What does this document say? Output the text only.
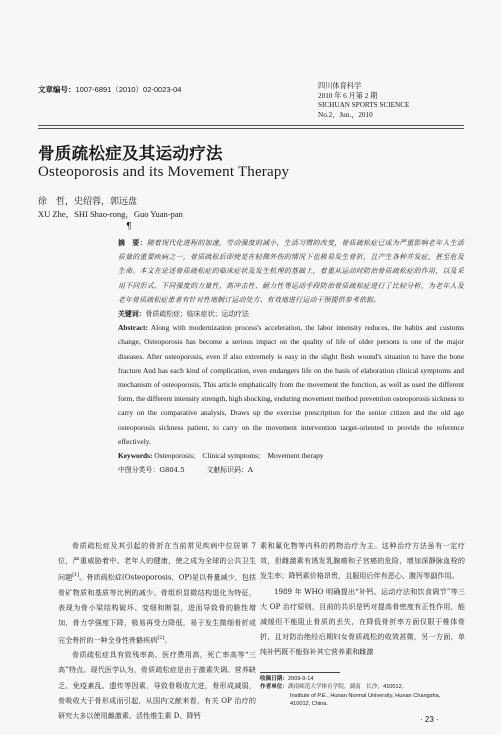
文章编号：1007-6891（2010）02-0023-04	四川体育科学
2010 年 6 月第 2 期
SICHUAN SPORTS SCIENCE
No.2，Jun.，2010
骨质疏松症及其运动疗法
Osteoporosis and its Movement Therapy
徐　哲，史绍蓉，郭远盘
XU Zhe，SHI Shao-rong，Guo Yuan-pan
¶
摘　要：随着现代化进程的加速，劳动强度的减小，生活习惯的改变，骨质疏松症已成为严重影响老年人生活质量的重要疾病之一，骨质疏松后即使是在轻微外伤的情况下也极易发生骨折，且产生各种并发症，甚至危及生命。本文在论述骨质疏松症的临床症状及发生机理的基础上，着重从运动时防治骨质疏松症的作用，以及采用不同形式、不同强度的力量性、高冲击性、耐力性等运动手段防治骨质疏松症进行了比较分析，为老年人及老年骨质疏松症患者有针对性地制订运动处方、有效地进行运动干预提供参考依据。
关键词：骨质疏松症；临床症状；运动疗法
Abstract: Along with modernization process's acceleration, the labor intensity reduces, the habits and customs change, Osteoporosis has become a serious impact on the quality of life of older persons is one of the major diseases. After osteoporosis, even if also extremely is easy in the slight flesh wound's situation to have the bone fracture And has each kind of complication, even endangers life on the basis of elaboration clinical symptoms and mechanism of osteoporosis, This article emphatically from the movement the function, as well as used the different form, the different intensity strength, high shocking, enduring movement method prevention osteoporosis sickness to carry on the comparative analysis, Draws up the exercise prescription for the senior citizen and the old age osteoporosis sickness patient, to carry on the movement intervention target-oriented to provide the reference effectively.
Keywords: Osteoporosis;　Clinical symptoms;　Movement therapy
中图分类号：G804.5	文献标识码：A

骨质疏松症及其引起的骨折在当前常见疾病中位居第 7 位，严重威胁着中、老年人的健康，使之成为全球的公共卫生问题[1]。骨质疏松症(Osteoporosis，OP)是以骨量减少，包括骨矿物质和基质等比例的减少、骨组织显微结构退化为特征，表现为骨小梁结构破坏、变细和断裂，进而导致骨的脆性增加，骨力学强度下降，极易再受力降低，易于发生微细骨折或完全骨折的一种全身性骨骼疾病[2]。

骨质疏松症具有致残率高、医疗费用高，死亡率高等“三高”特点。现代医学认为，骨质疏松症是由于激素失调、营养缺乏、免疫紊乱、遗传等因素，导致骨吸收亢进，骨形成减弱，骨吸收大于骨形成而引起，从国内文献来看，有关 OP 治疗的研究大多以使用雌激素、活性维生素 D、降钙

素和氟化物等内科的药物治疗为主。这种治疗方法虽有一定疗效，但雌激素有诱发乳腺癌和子宫癌的危险，增加深静脉血栓的发生率；降钙素价格昂贵，且服用后伴有恶心、腹泻等副作用。

1989 年 WHO 明确提出“补钙、运动疗法和饮食调节”等三大 OP 治疗原则，目前的共识是钙对提高骨密度有正性作用，能减缓但不能阻止骨质的丢失，在降低骨折率方面仅限于椎体骨折，且对防治绝经后期妇女骨质疏松的收效甚微，另一方面，单纯补钙既不能弥补其它营养素和雌激

收稿日期：2009-9-14
作者单位：湖南师范大学体育学院，湖南　长沙，410012。
Institute of P.E., Hunan Normal University, Hunan Changsha,
410012, China.
· 23 ·
